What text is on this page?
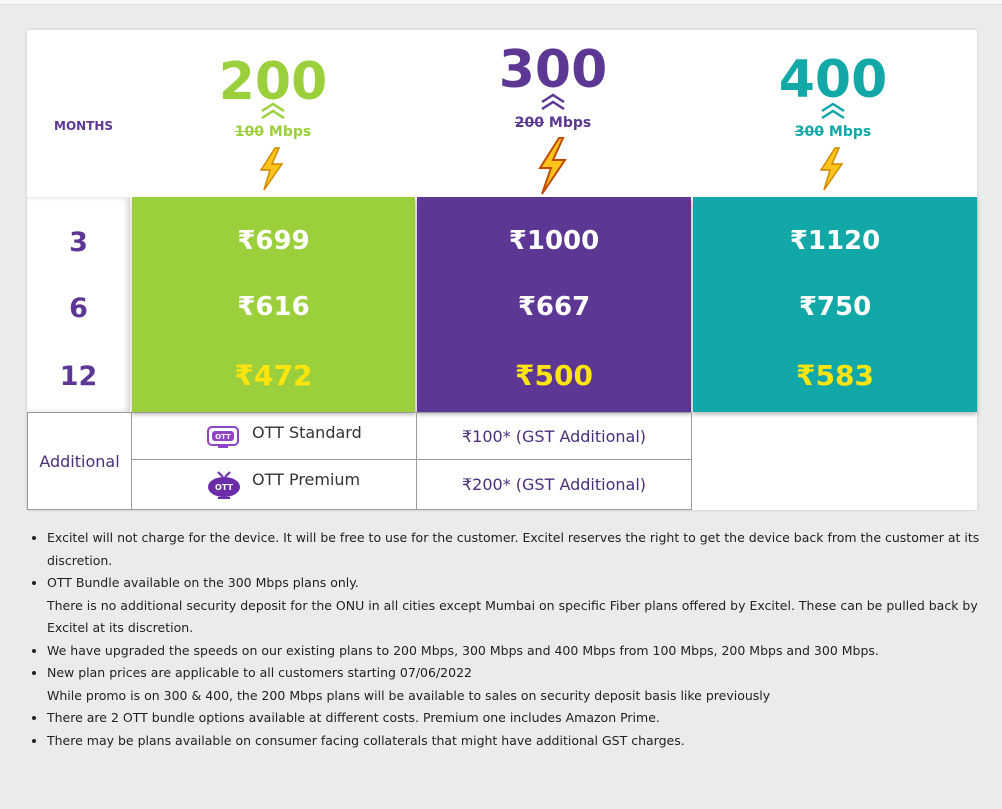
MONTHS
200
100 Mbps
300
200 Mbps
400
300 Mbps
3
6
12
₹699
₹616
₹472
₹1000
₹667
₹500
₹1120
₹750
₹583
Additional
OTT OTT Standard	₹100* (GST Additional)
OTT OTT Premium	₹200* (GST Additional)
• Excitel will not charge for the device. It will be free to use for the customer. Excitel reserves the right to get the device back from the customer at its discretion.
• OTT Bundle available on the 300 Mbps plans only.
There is no additional security deposit for the ONU in all cities except Mumbai on specific Fiber plans offered by Excitel. These can be pulled back by Excitel at its discretion.
• We have upgraded the speeds on our existing plans to 200 Mbps, 300 Mbps and 400 Mbps from 100 Mbps, 200 Mbps and 300 Mbps.
• New plan prices are applicable to all customers starting 07/06/2022
While promo is on 300 & 400, the 200 Mbps plans will be available to sales on security deposit basis like previously
• There are 2 OTT bundle options available at different costs. Premium one includes Amazon Prime.
• There may be plans available on consumer facing collaterals that might have additional GST charges.
